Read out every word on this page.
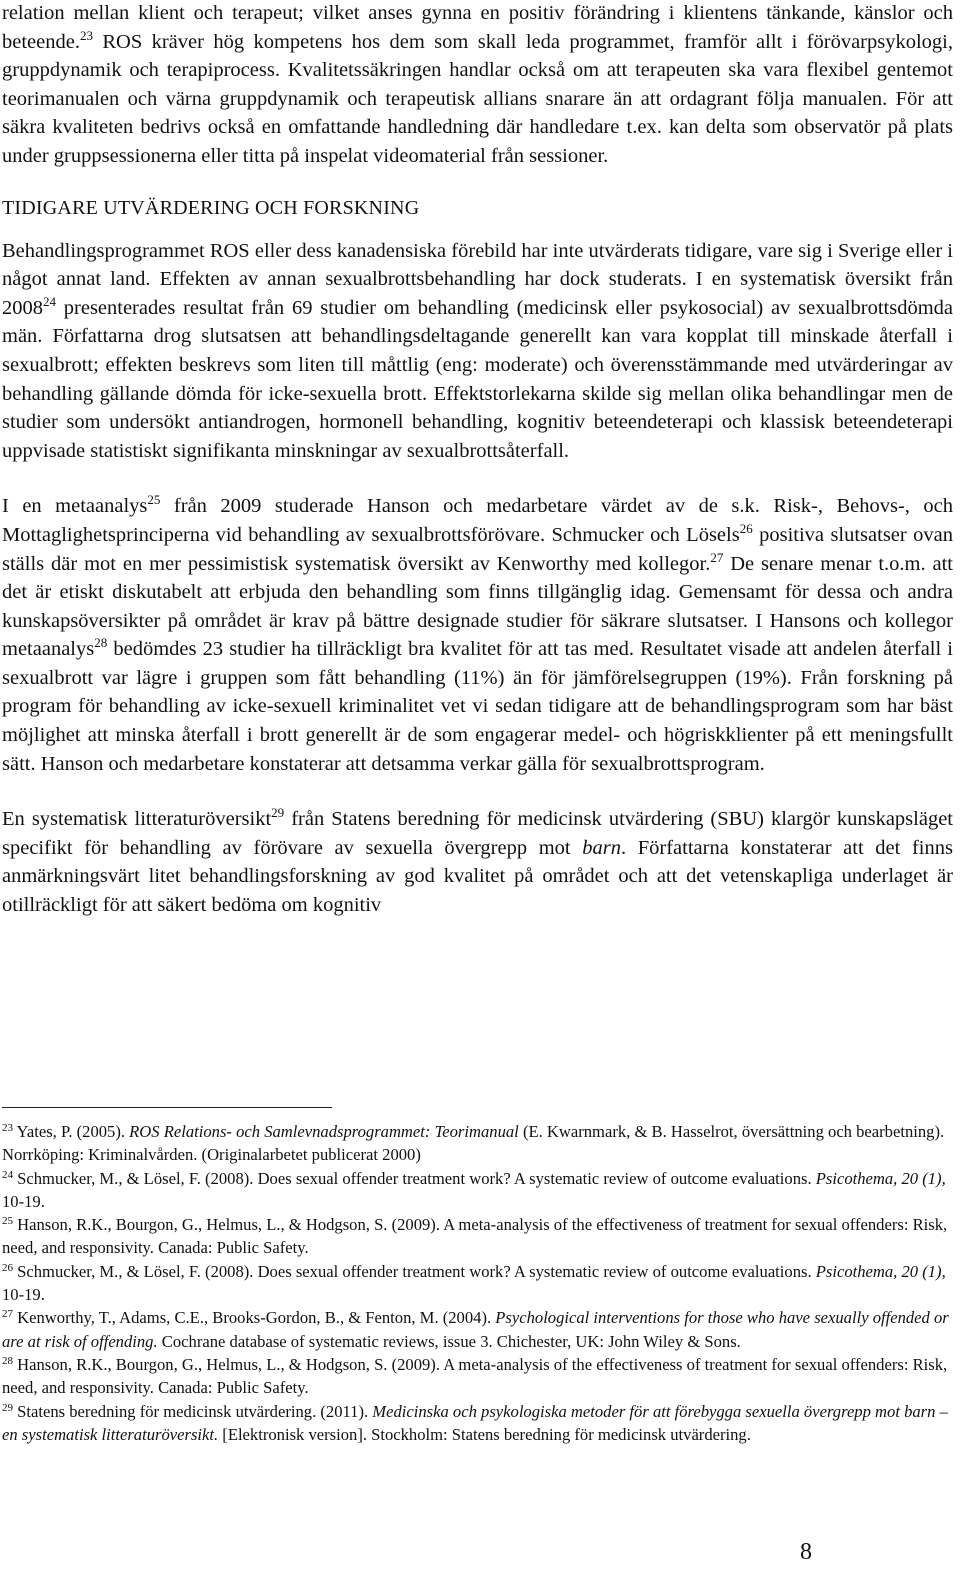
relation mellan klient och terapeut; vilket anses gynna en positiv förändring i klientens tänkande, känslor och beteende.$^{23}$ ROS kräver hög kompetens hos dem som skall leda programmet, framför allt i förövarpsykologi, gruppdynamik och terapiprocess. Kvalitetssäkringen handlar också om att terapeuten ska vara flexibel gentemot teorimanualen och värna gruppdynamik och terapeutisk allians snarare än att ordagrant följa manualen. För att säkra kvaliteten bedrivs också en omfattande handledning där handledare t.ex. kan delta som observatör på plats under gruppsessionerna eller titta på inspelat videomaterial från sessioner.

TIDIGARE UTVÄRDERING OCH FORSKNING

Behandlingsprogrammet ROS eller dess kanadensiska förebild har inte utvärderats tidigare, vare sig i Sverige eller i något annat land. Effekten av annan sexualbrottsbehandling har dock studerats. I en systematisk översikt från 2008$^{24}$ presenterades resultat från 69 studier om behandling (medicinsk eller psykosocial) av sexualbrottsdömda män. Författarna drog slutsatsen att behandlingsdeltagande generellt kan vara kopplat till minskade återfall i sexualbrott; effekten beskrevs som liten till måttlig (eng: moderate) och överensstämmande med utvärderingar av behandling gällande dömda för icke-sexuella brott. Effektstorlekarna skilde sig mellan olika behandlingar men de studier som undersökt antiandrogen, hormonell behandling, kognitiv beteendeterapi och klassisk beteendeterapi uppvisade statistiskt signifikanta minskningar av sexualbrottsåterfall.

I en metaanalys$^{25}$ från 2009 studerade Hanson och medarbetare värdet av de s.k. Risk-, Behovs-, och Mottaglighetsprinciperna vid behandling av sexualbrottsförövare. Schmucker och Lösels$^{26}$ positiva slutsatser ovan ställs där mot en mer pessimistisk systematisk översikt av Kenworthy med kollegor.$^{27}$ De senare menar t.o.m. att det är etiskt diskutabelt att erbjuda den behandling som finns tillgänglig idag. Gemensamt för dessa och andra kunskapsöversikter på området är krav på bättre designade studier för säkrare slutsatser. I Hansons och kollegor metaanalys$^{28}$ bedömdes 23 studier ha tillräckligt bra kvalitet för att tas med. Resultatet visade att andelen återfall i sexualbrott var lägre i gruppen som fått behandling (11%) än för jämförelsegruppen (19%). Från forskning på program för behandling av icke-sexuell kriminalitet vet vi sedan tidigare att de behandlingsprogram som har bäst möjlighet att minska återfall i brott generellt är de som engagerar medel- och högriskklienter på ett meningsfullt sätt. Hanson och medarbetare konstaterar att detsamma verkar gälla för sexualbrottsprogram.

En systematisk litteraturöversikt$^{29}$ från Statens beredning för medicinsk utvärdering (SBU) klargör kunskapsläget specifikt för behandling av förövare av sexuella övergrepp mot barn. Författarna konstaterar att det finns anmärkningsvärt litet behandlingsforskning av god kvalitet på området och att det vetenskapliga underlaget är otillräckligt för att säkert bedöma om kognitiv

$^{23}$ Yates, P. (2005). ROS Relations- och Samlevnadsprogrammet: Teorimanual (E. Kwarnmark, & B. Hasselrot, översättning och bearbetning). Norrköping: Kriminalvården. (Originalarbetet publicerat 2000)

$^{24}$ Schmucker, M., & Lösel, F. (2008). Does sexual offender treatment work? A systematic review of outcome evaluations. Psicothema, 20 (1), 10-19.

$^{25}$ Hanson, R.K., Bourgon, G., Helmus, L., & Hodgson, S. (2009). A meta-analysis of the effectiveness of treatment for sexual offenders: Risk, need, and responsivity. Canada: Public Safety.

$^{26}$ Schmucker, M., & Lösel, F. (2008). Does sexual offender treatment work? A systematic review of outcome evaluations. Psicothema, 20 (1), 10-19.

$^{27}$ Kenworthy, T., Adams, C.E., Brooks-Gordon, B., & Fenton, M. (2004). Psychological interventions for those who have sexually offended or are at risk of offending. Cochrane database of systematic reviews, issue 3. Chichester, UK: John Wiley & Sons.

$^{28}$ Hanson, R.K., Bourgon, G., Helmus, L., & Hodgson, S. (2009). A meta-analysis of the effectiveness of treatment for sexual offenders: Risk, need, and responsivity. Canada: Public Safety.

$^{29}$ Statens beredning för medicinsk utvärdering. (2011). Medicinska och psykologiska metoder för att förebygga sexuella övergrepp mot barn – en systematisk litteraturöversikt. [Elektronisk version]. Stockholm: Statens beredning för medicinsk utvärdering.

8
